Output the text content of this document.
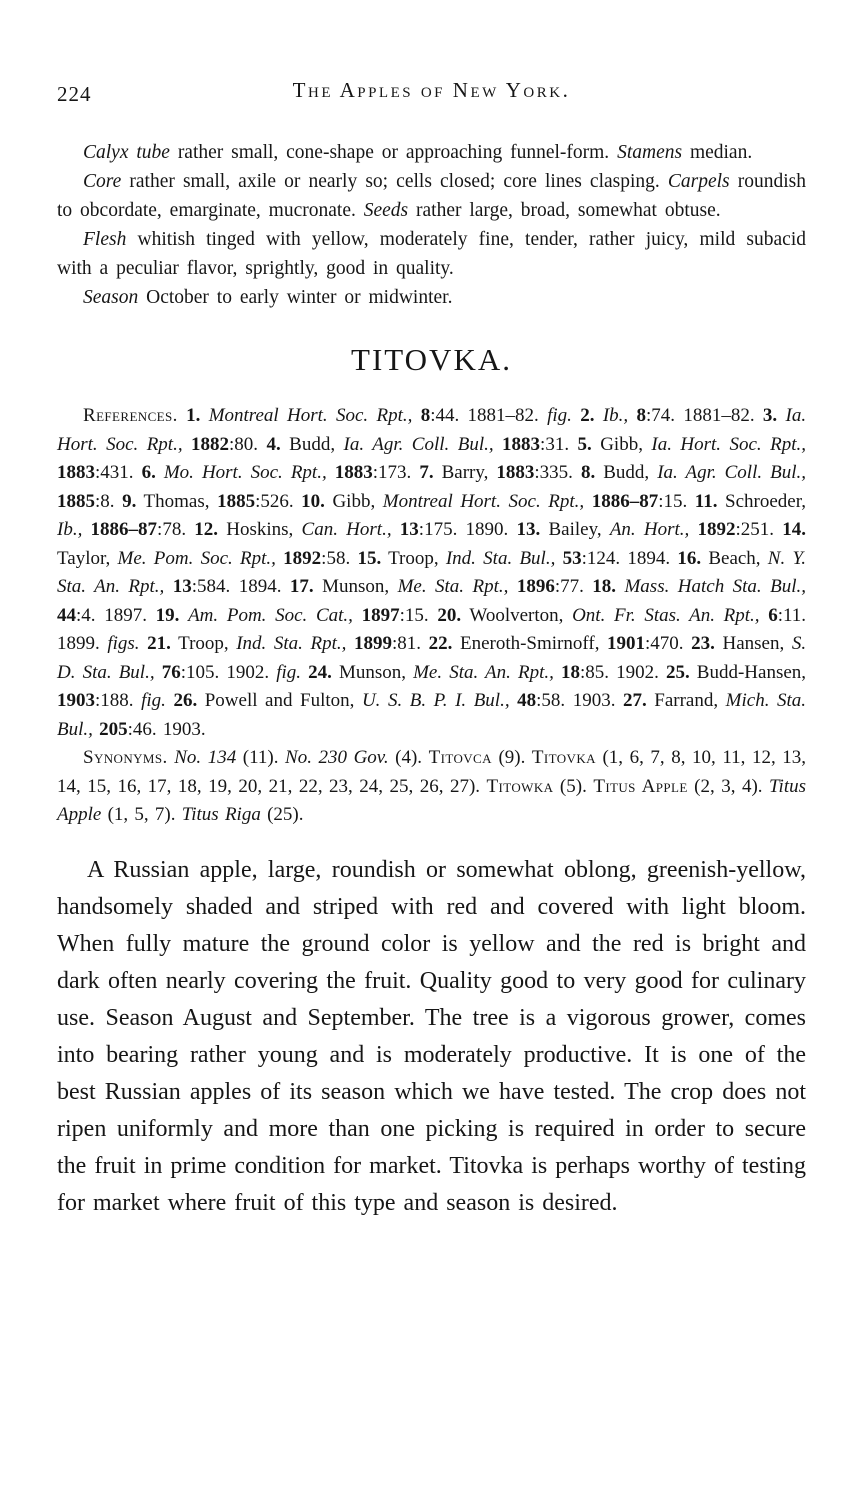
224	The Apples of New York.

Calyx tube rather small, cone-shape or approaching funnel-form. Stamens median.

Core rather small, axile or nearly so; cells closed; core lines clasping. Carpels roundish to obcordate, emarginate, mucronate. Seeds rather large, broad, somewhat obtuse.

Flesh whitish tinged with yellow, moderately fine, tender, rather juicy, mild subacid with a peculiar flavor, sprightly, good in quality.

Season October to early winter or midwinter.

TITOVKA.

References. 1. Montreal Hort. Soc. Rpt., 8:44. 1881–82. fig. 2. Ib., 8:74. 1881–82. 3. Ia. Hort. Soc. Rpt., 1882:80. 4. Budd, Ia. Agr. Coll. Bul., 1883:31. 5. Gibb, Ia. Hort. Soc. Rpt., 1883:431. 6. Mo. Hort. Soc. Rpt., 1883:173. 7. Barry, 1883:335. 8. Budd, Ia. Agr. Coll. Bul., 1885:8. 9. Thomas, 1885:526. 10. Gibb, Montreal Hort. Soc. Rpt., 1886–87:15. 11. Schroeder, Ib., 1886–87:78. 12. Hoskins, Can. Hort., 13:175. 1890. 13. Bailey, An. Hort., 1892:251. 14. Taylor, Me. Pom. Soc. Rpt., 1892:58. 15. Troop, Ind. Sta. Bul., 53:124. 1894. 16. Beach, N. Y. Sta. An. Rpt., 13:584. 1894. 17. Munson, Me. Sta. Rpt., 1896:77. 18. Mass. Hatch Sta. Bul., 44:4. 1897. 19. Am. Pom. Soc. Cat., 1897:15. 20. Woolverton, Ont. Fr. Stas. An. Rpt., 6:11. 1899. figs. 21. Troop, Ind. Sta. Rpt., 1899:81. 22. Eneroth-Smirnoff, 1901:470. 23. Hansen, S. D. Sta. Bul., 76:105. 1902. fig. 24. Munson, Me. Sta. An. Rpt., 18:85. 1902. 25. Budd-Hansen, 1903:188. fig. 26. Powell and Fulton, U. S. B. P. I. Bul., 48:58. 1903. 27. Farrand, Mich. Sta. Bul., 205:46. 1903.

Synonyms. No. 134 (11). No. 230 Gov. (4). Titovca (9). Titovka (1, 6, 7, 8, 10, 11, 12, 13, 14, 15, 16, 17, 18, 19, 20, 21, 22, 23, 24, 25, 26, 27). Titowka (5). Titus Apple (2, 3, 4). Titus Apple (1, 5, 7). Titus Riga (25).

A Russian apple, large, roundish or somewhat oblong, greenish-yellow, handsomely shaded and striped with red and covered with light bloom. When fully mature the ground color is yellow and the red is bright and dark often nearly covering the fruit. Quality good to very good for culinary use. Season August and September. The tree is a vigorous grower, comes into bearing rather young and is moderately productive. It is one of the best Russian apples of its season which we have tested. The crop does not ripen uniformly and more than one picking is required in order to secure the fruit in prime condition for market. Titovka is perhaps worthy of testing for market where fruit of this type and season is desired.
